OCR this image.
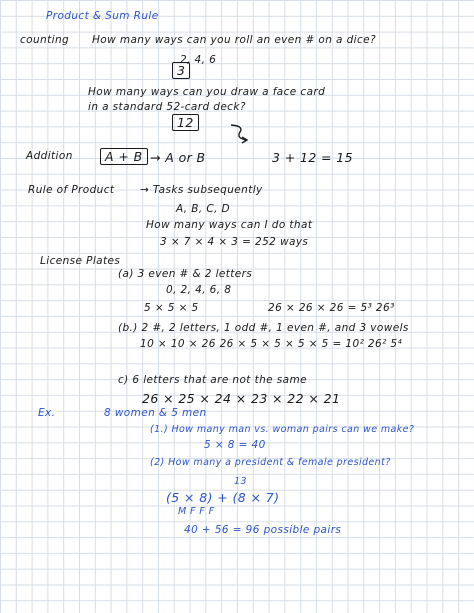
Product & Sum Rule

counting How many ways can you roll an even # on a dice?

2, 4, 6

3

How many ways can you draw a face card

in a standard 52-card deck?

12

Addition	A + B → A or B	3 + 12 = 15

Rule of Product → Tasks subsequently

A, B, C, D

How many ways can I do that

3 × 7 × 4 × 3 = 252 ways

License Plates

(a) 3 even # & 2 letters

0, 2, 4, 6, 8

5 × 5 × 5	26 × 26 × 26 = 5³ 26³

(b.) 2 #, 2 letters, 1 odd #, 1 even #, and 3 vowels

10 × 10 × 26 26 × 5 × 5 × 5 × 5 = 10² 26² 5⁴

c) 6 letters that are not the same

26 × 25 × 24 × 23 × 22 × 21

Ex.	8 women & 5 men

(1.) How many man vs. woman pairs can we make?

5 × 8 = 40

(2) How many a president & female president?

13

(5 × 8) + (8 × 7)

M F F F

40 + 56 = 96 possible pairs
